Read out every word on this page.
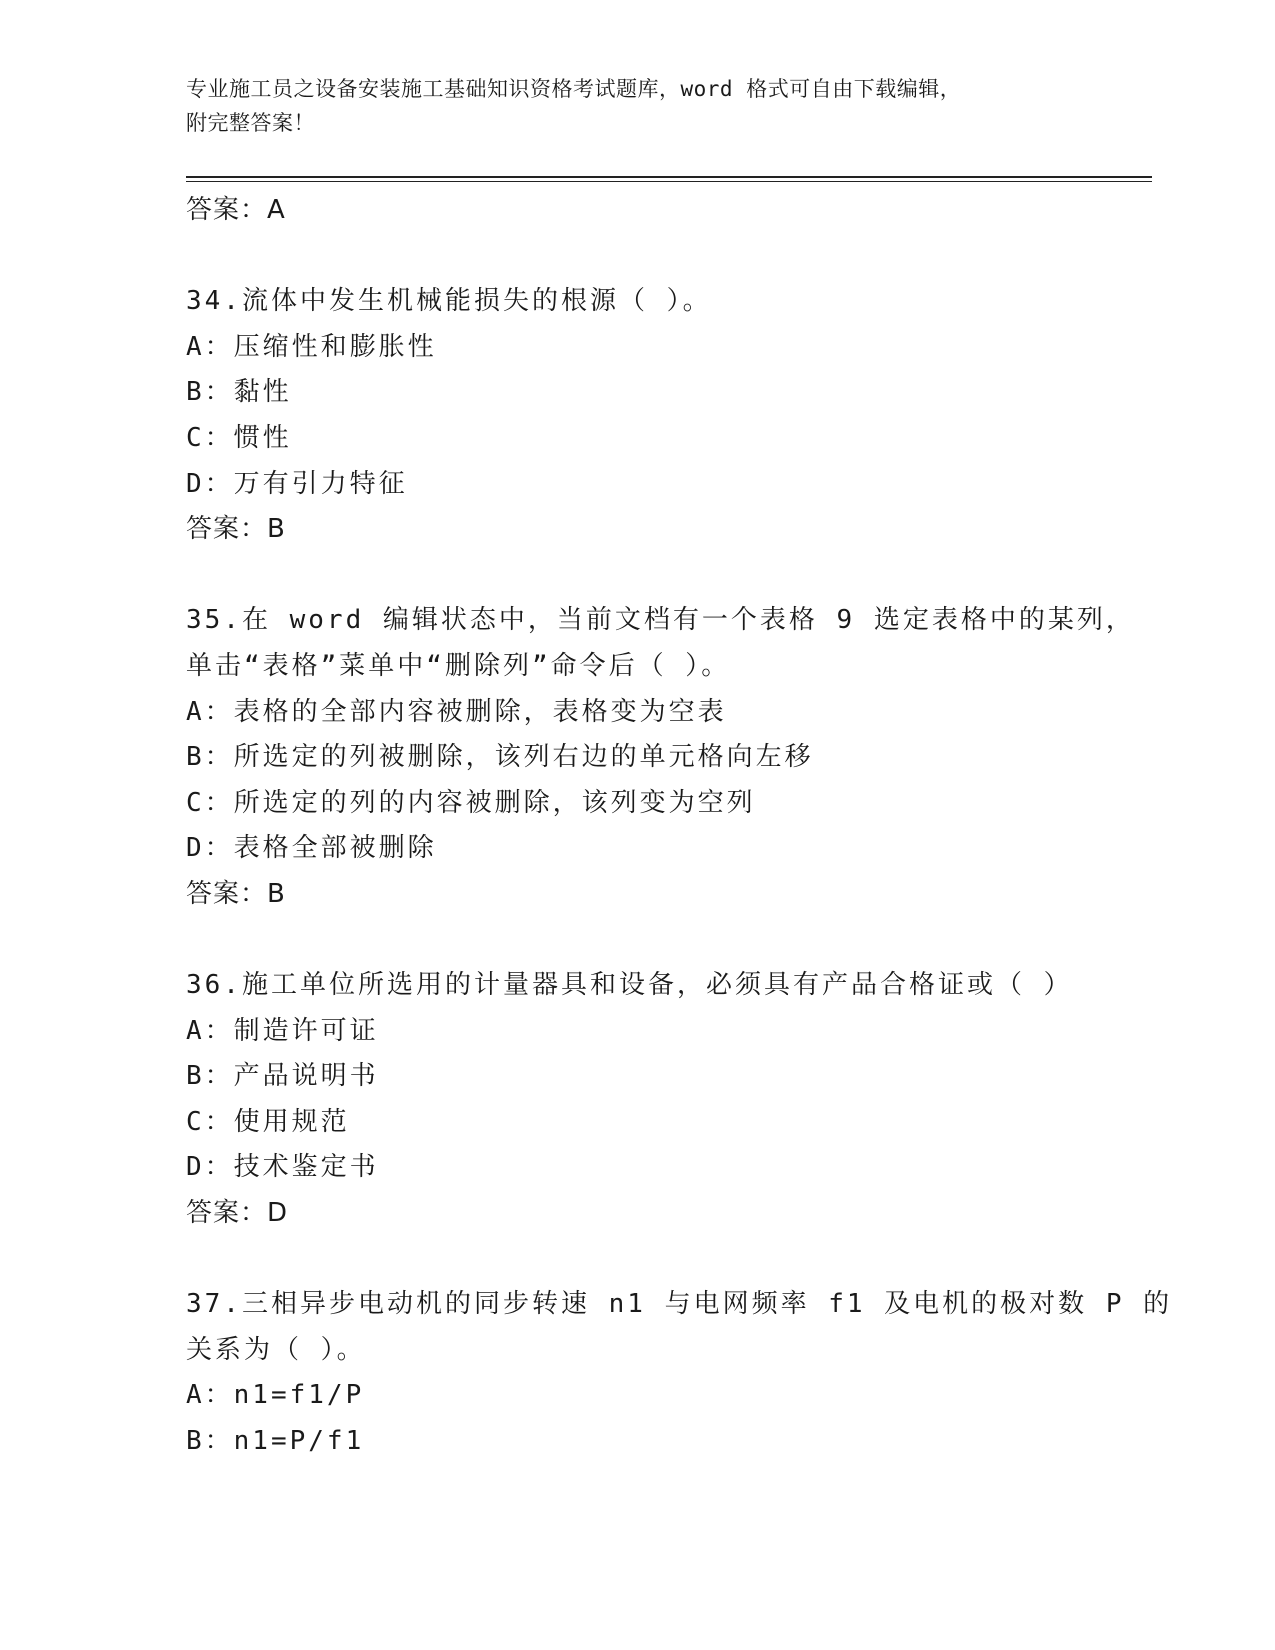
专业施工员之设备安装施工基础知识资格考试题库，word 格式可自由下载编辑，
附完整答案！
答案：A
34.流体中发生机械能损失的根源（ ）。
A：压缩性和膨胀性
B：黏性
C：惯性
D：万有引力特征
答案：B
35.在 word 编辑状态中，当前文档有一个表格 9 选定表格中的某列，
单击“表格”菜单中“删除列”命令后（ ）。
A：表格的全部内容被删除，表格变为空表
B：所选定的列被删除，该列右边的单元格向左移
C：所选定的列的内容被删除，该列变为空列
D：表格全部被删除
答案：B
36.施工单位所选用的计量器具和设备，必须具有产品合格证或（ ）
A：制造许可证
B：产品说明书
C：使用规范
D：技术鉴定书
答案：D
37.三相异步电动机的同步转速 n1 与电网频率 f1 及电机的极对数 P 的
关系为（ ）。
A：n1=f1/P
B：n1=P/f1
